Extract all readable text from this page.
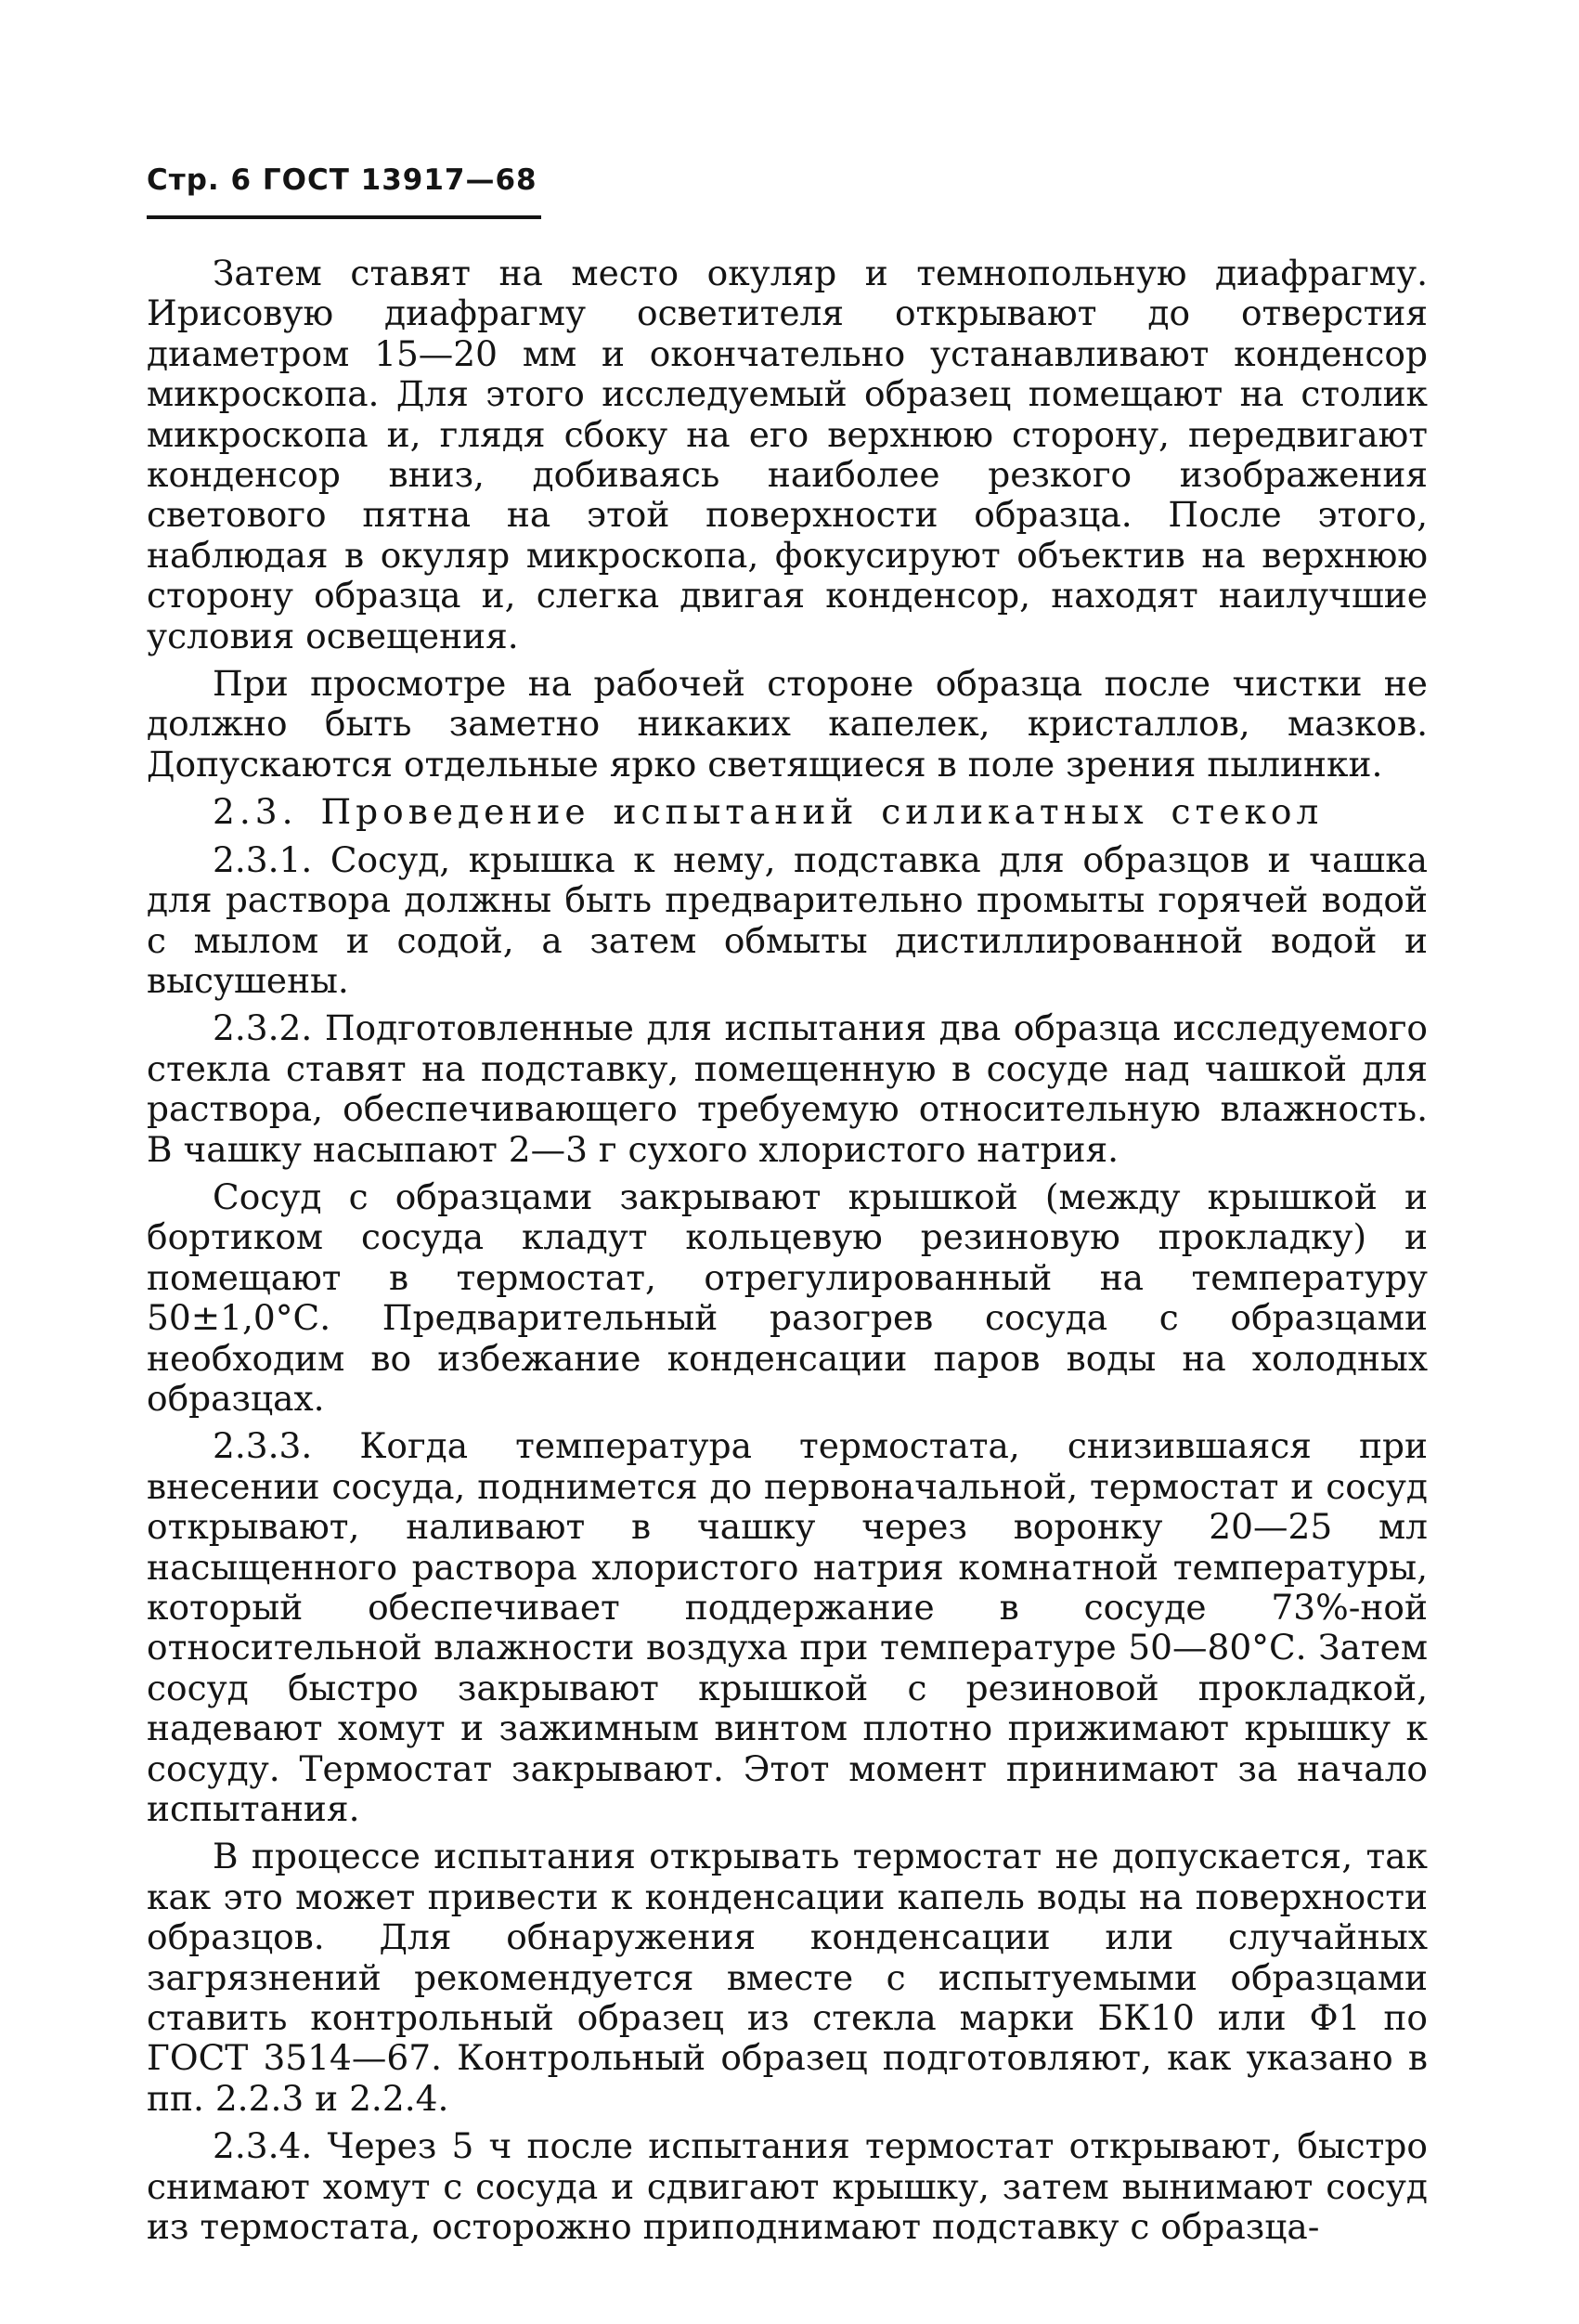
Стр. 6 ГОСТ 13917—68

Затем ставят на место окуляр и темнопольную диафрагму. Ирисовую диафрагму осветителя открывают до отверстия диаметром 15—20 мм и окончательно устанавливают конденсор микроскопа. Для этого исследуемый образец помещают на столик микроскопа и, глядя сбоку на его верхнюю сторону, передвигают конденсор вниз, добиваясь наиболее резкого изображения светового пятна на этой поверхности образца. После этого, наблюдая в окуляр микроскопа, фокусируют объектив на верхнюю сторону образца и, слегка двигая конденсор, находят наилучшие условия освещения.

При просмотре на рабочей стороне образца после чистки не должно быть заметно никаких капелек, кристаллов, мазков. Допускаются отдельные ярко светящиеся в поле зрения пылинки.

2.3. Проведение испытаний силикатных стекол

2.3.1. Сосуд, крышка к нему, подставка для образцов и чашка для раствора должны быть предварительно промыты горячей водой с мылом и содой, а затем обмыты дистиллированной водой и высушены.

2.3.2. Подготовленные для испытания два образца исследуемого стекла ставят на подставку, помещенную в сосуде над чашкой для раствора, обеспечивающего требуемую относительную влажность. В чашку насыпают 2—3 г сухого хлористого натрия.

Сосуд с образцами закрывают крышкой (между крышкой и бортиком сосуда кладут кольцевую резиновую прокладку) и помещают в термостат, отрегулированный на температуру 50±1,0°С. Предварительный разогрев сосуда с образцами необходим во избежание конденсации паров воды на холодных образцах.

2.3.3. Когда температура термостата, снизившаяся при внесении сосуда, поднимется до первоначальной, термостат и сосуд открывают, наливают в чашку через воронку 20—25 мл насыщенного раствора хлористого натрия комнатной температуры, который обеспечивает поддержание в сосуде 73%-ной относительной влажности воздуха при температуре 50—80°С. Затем сосуд быстро закрывают крышкой с резиновой прокладкой, надевают хомут и зажимным винтом плотно прижимают крышку к сосуду. Термостат закрывают. Этот момент принимают за начало испытания.

В процессе испытания открывать термостат не допускается, так как это может привести к конденсации капель воды на поверхности образцов. Для обнаружения конденсации или случайных загрязнений рекомендуется вместе с испытуемыми образцами ставить контрольный образец из стекла марки БК10 или Ф1 по ГОСТ 3514—67. Контрольный образец подготовляют, как указано в пп. 2.2.3 и 2.2.4.

2.3.4. Через 5 ч после испытания термостат открывают, быстро снимают хомут с сосуда и сдвигают крышку, затем вынимают сосуд из термостата, осторожно приподнимают подставку с образца-
